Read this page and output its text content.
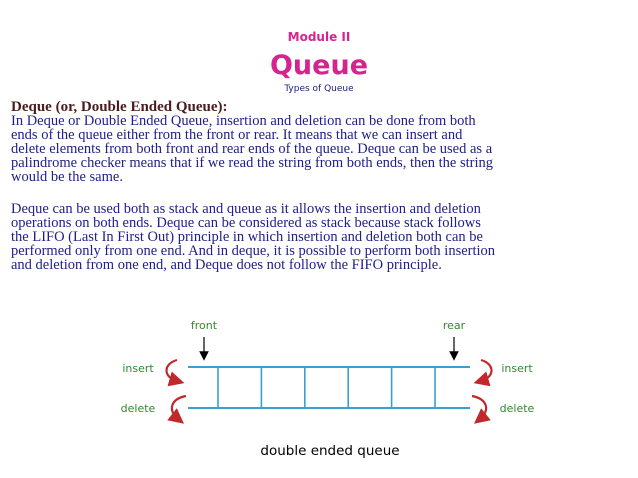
Module II
Queue
Types of Queue
Deque (or, Double Ended Queue):
In Deque or Double Ended Queue, insertion and deletion can be done from both
ends of the queue either from the front or rear. It means that we can insert and
delete elements from both front and rear ends of the queue. Deque can be used as a
palindrome checker means that if we read the string from both ends, then the string
would be the same.
Deque can be used both as stack and queue as it allows the insertion and deletion
operations on both ends. Deque can be considered as stack because stack follows
the LIFO (Last In First Out) principle in which insertion and deletion both can be
performed only from one end. And in deque, it is possible to perform both insertion
and deletion from one end, and Deque does not follow the FIFO principle.
front	rear
insert
delete
insert
delete
double ended queue
